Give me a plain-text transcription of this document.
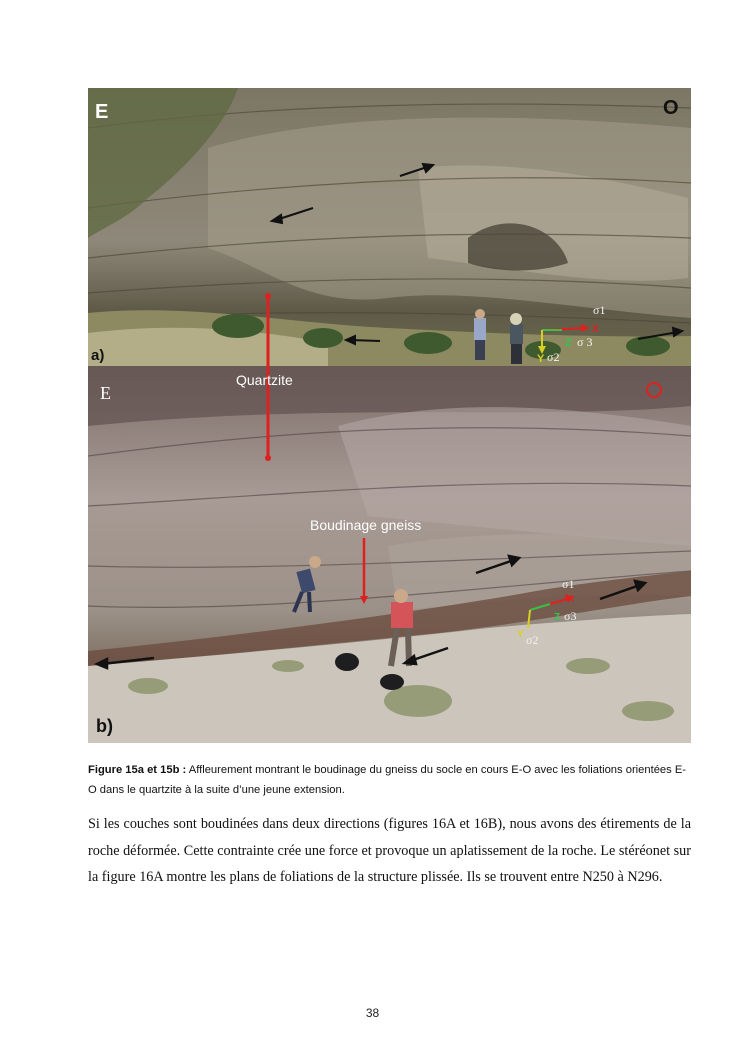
σ1
X
Z σ 3
Y σ2
E	O
a)
σ1
X
Z σ3
Y σ2
E
Quartzite
Boudinage gneiss
b)
Figure 15a et 15b : Affleurement montrant le boudinage du gneiss du socle en cours E-O avec les foliations orientées E-O dans le quartzite à la suite d’une jeune extension.

Si les couches sont boudinées dans deux directions (figures 16A et 16B), nous avons des étirements de la roche déformée. Cette contrainte crée une force et provoque un aplatissement de la roche. Le stéréonet sur la figure 16A montre les plans de foliations de la structure plissée. Ils se trouvent entre N250 à N296.

38
